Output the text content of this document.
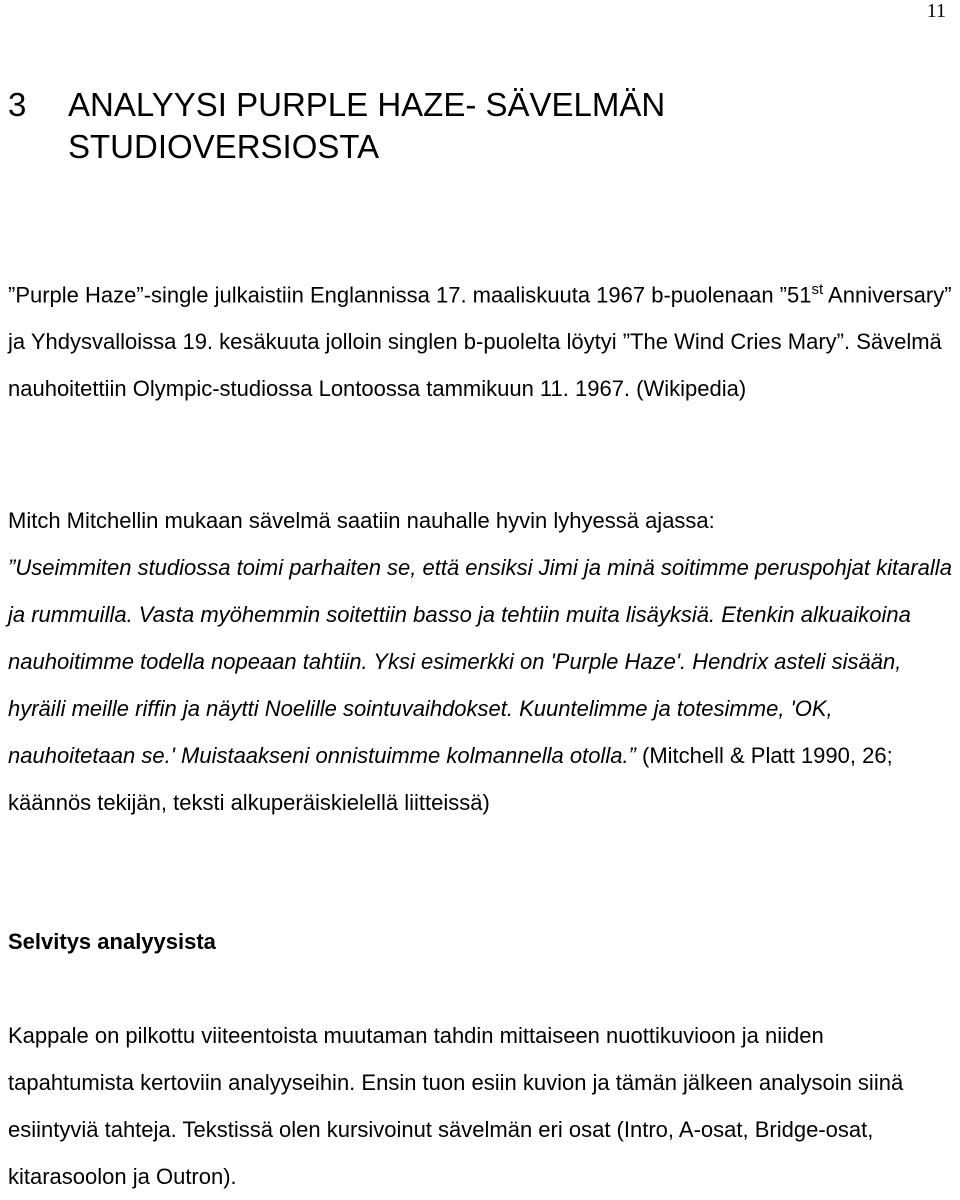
11
3 ANALYYSI PURPLE HAZE- SÄVELMÄN STUDIOVERSIOSTA

”Purple Haze”-single julkaistiin Englannissa 17. maaliskuuta 1967 b-puolenaan ”51st Anniversary” ja Yhdysvalloissa 19. kesäkuuta jolloin singlen b-puolelta löytyi ”The Wind Cries Mary”. Sävelmä nauhoitettiin Olympic-studiossa Lontoossa tammikuun 11. 1967. (Wikipedia)

Mitch Mitchellin mukaan sävelmä saatiin nauhalle hyvin lyhyessä ajassa:
”Useimmiten studiossa toimi parhaiten se, että ensiksi Jimi ja minä soitimme peruspohjat kitaralla ja rummuilla. Vasta myöhemmin soitettiin basso ja tehtiin muita lisäyksiä. Etenkin alkuaikoina nauhoitimme todella nopeaan tahtiin. Yksi esimerkki on 'Purple Haze'. Hendrix asteli sisään, hyräili meille riffin ja näytti Noelille sointuvaihdokset. Kuuntelimme ja totesimme, 'OK, nauhoitetaan se.' Muistaakseni onnistuimme kolmannella otolla.” (Mitchell & Platt 1990, 26; käännös tekijän, teksti alkuperäiskielellä liitteissä)

Selvitys analyysista

Kappale on pilkottu viiteentoista muutaman tahdin mittaiseen nuottikuvioon ja niiden tapahtumista kertoviin analyyseihin. Ensin tuon esiin kuvion ja tämän jälkeen analysoin siinä esiintyviä tahteja. Tekstissä olen kursivoinut sävelmän eri osat (Intro, A-osat, Bridge-osat, kitarasoolon ja Outron).
